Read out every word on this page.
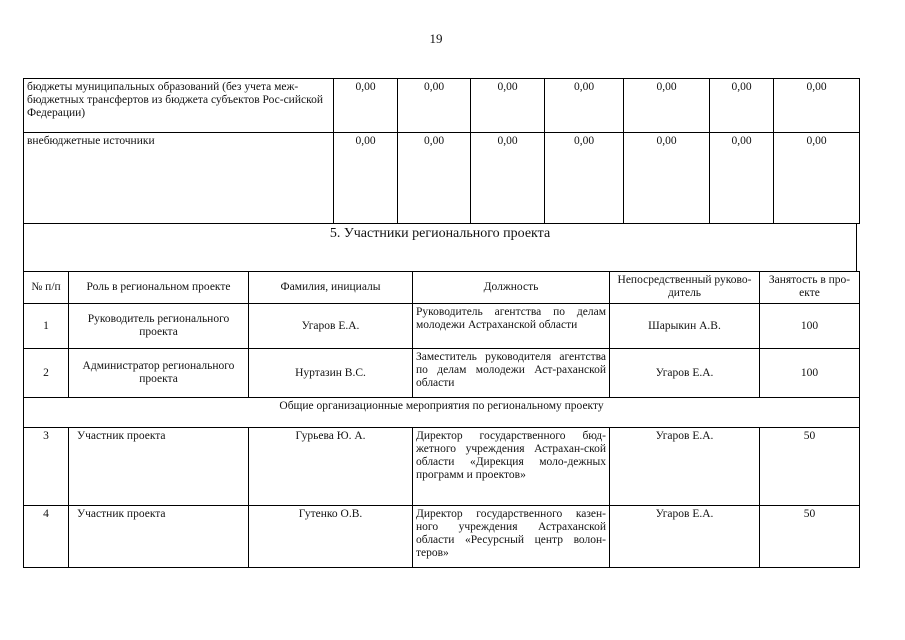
19
бюджеты муниципальных образований (без учета меж-бюджетных трансфертов из бюджета субъектов Рос-сийской Федерации)	0,00	0,00	0,00	0,00	0,00	0,00	0,00
внебюджетные источники	0,00	0,00	0,00	0,00	0,00	0,00	0,00
5. Участники регионального проекта
№ п/п	Роль в региональном проекте	Фамилия, инициалы	Должность	Непосредственный руково-дитель	Занятость в про-екте
1	Руководитель регионального проекта	Угаров Е.А.	Руководитель агентства по делам молодежи Астраханской области	Шарыкин А.В.	100
2	Администратор регионального проекта	Нуртазин В.С.	Заместитель руководителя агентства по делам молодежи Аст-раханской области	Угаров Е.А.	100
Общие организационные мероприятия по региональному проекту					
3	Участник проекта	Гурьева Ю. А.	Директор государственного бюд-жетного учреждения Астрахан-ской области «Дирекция моло-дежных программ и проектов»	Угаров Е.А.	50
4	Участник проекта	Гутенко О.В.	Директор государственного казен-ного учреждения Астраханской области «Ресурсный центр волон-теров»	Угаров Е.А.	50
